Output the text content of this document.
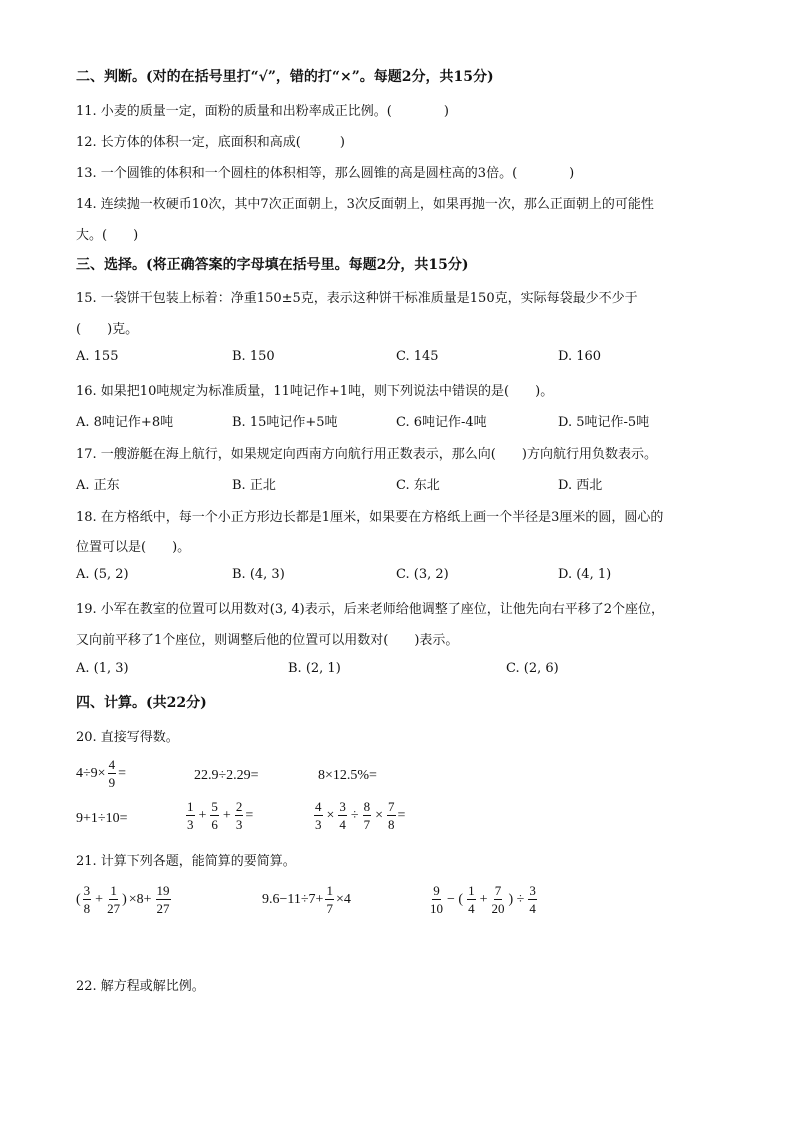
二、判断。(对的在括号里打“√”，错的打“×”。每题2分，共15分)
11. 小麦的质量一定，面粉的质量和出粉率成正比例。(　　　　)
12. 长方体的体积一定，底面积和高成(　　　)
13. 一个圆锥的体积和一个圆柱的体积相等，那么圆锥的高是圆柱高的3倍。(　　　　)
14. 连续抛一枚硬币10次，其中7次正面朝上，3次反面朝上，如果再抛一次，那么正面朝上的可能性
大。(　　)
三、选择。(将正确答案的字母填在括号里。每题2分，共15分)
15. 一袋饼干包装上标着：净重150±5克，表示这种饼干标准质量是150克，实际每袋最少不少于
(　　)克。
A. 155	B. 150	C. 145	D. 160
16. 如果把10吨规定为标准质量，11吨记作+1吨，则下列说法中错误的是(　　)。
A. 8吨记作+8吨	B. 15吨记作+5吨	C. 6吨记作-4吨	D. 5吨记作-5吨
17. 一艘游艇在海上航行，如果规定向西南方向航行用正数表示，那么向(　　)方向航行用负数表示。
A. 正东	B. 正北	C. 东北	D. 西北
18. 在方格纸中，每一个小正方形边长都是1厘米，如果要在方格纸上画一个半径是3厘米的圆，圆心的
位置可以是(　　)。
A. (5, 2)	B. (4, 3)	C. (3, 2)	D. (4, 1)
19. 小军在教室的位置可以用数对(3, 4)表示，后来老师给他调整了座位，让他先向右平移了2个座位，
又向前平移了1个座位，则调整后他的位置可以用数对(　　)表示。
A. (1, 3)	B. (2, 1)	C. (2, 6)
四、计算。(共22分)
20. 直接写得数。
$4\div 9\times \frac{4}{9}$ =	22.9÷2.29=	8×12.5%=
9+1÷10=	$\frac{1}{3} + \frac{5}{6} + \frac{2}{3}$ =	$\frac{4}{3} \times \frac{3}{4} \div \frac{8}{7} \times \frac{7}{8}$ =
21. 计算下列各题，能简算的要简算。
( $\frac{3}{8} + \frac{1}{27}$ ) $\times 8+ \frac{19}{27}$	$9.6-11\div 7+ \frac{1}{7} \times 4$	$\frac{9}{10}$ − ( $\frac{1}{4} + \frac{7}{20}$ ) ÷ $\frac{3}{4}$
22. 解方程或解比例。
